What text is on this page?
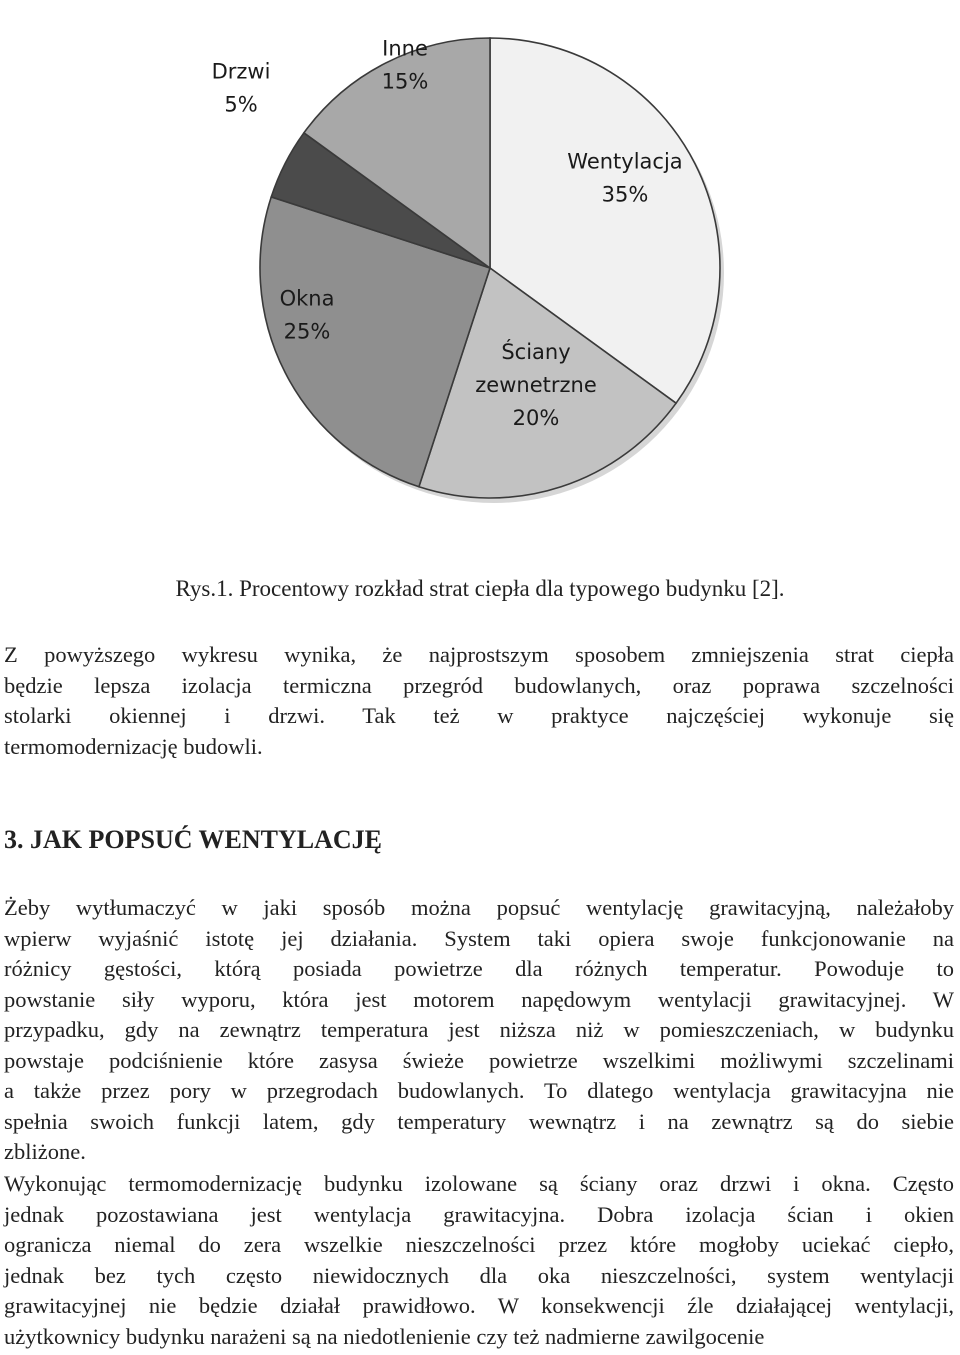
Wentylacja 35%
Ściany zewnetrzne 20%
Okna 25%
Drzwi 5%
Inne 15%

Rys.1. Procentowy rozkład strat ciepła dla typowego budynku [2].

Z powyższego wykresu wynika, że najprostszym sposobem zmniejszenia strat ciepła
będzie lepsza izolacja termiczna przegród budowlanych, oraz poprawa szczelności
stolarki okiennej i drzwi. Tak też w praktyce najczęściej wykonuje się
termomodernizację budowli.
3. JAK POPSUĆ WENTYLACJĘ
Żeby wytłumaczyć w jaki sposób można popsuć wentylację grawitacyjną, należałoby
wpierw wyjaśnić istotę jej działania. System taki opiera swoje funkcjonowanie na
różnicy gęstości, którą posiada powietrze dla różnych temperatur. Powoduje to
powstanie siły wyporu, która jest motorem napędowym wentylacji grawitacyjnej. W
przypadku, gdy na zewnątrz temperatura jest niższa niż w pomieszczeniach, w budynku
powstaje podciśnienie które zasysa świeże powietrze wszelkimi możliwymi szczelinami
a także przez pory w przegrodach budowlanych. To dlatego wentylacja grawitacyjna nie
spełnia swoich funkcji latem, gdy temperatury wewnątrz i na zewnątrz są do siebie
zbliżone.
Wykonując termomodernizację budynku izolowane są ściany oraz drzwi i okna. Często
jednak pozostawiana jest wentylacja grawitacyjna. Dobra izolacja ścian i okien
ogranicza niemal do zera wszelkie nieszczelności przez które mogłoby uciekać ciepło,
jednak bez tych często niewidocznych dla oka nieszczelności, system wentylacji
grawitacyjnej nie będzie działał prawidłowo. W konsekwencji źle działającej wentylacji,
użytkownicy budynku narażeni są na niedotlenienie czy też nadmierne zawilgocenie
